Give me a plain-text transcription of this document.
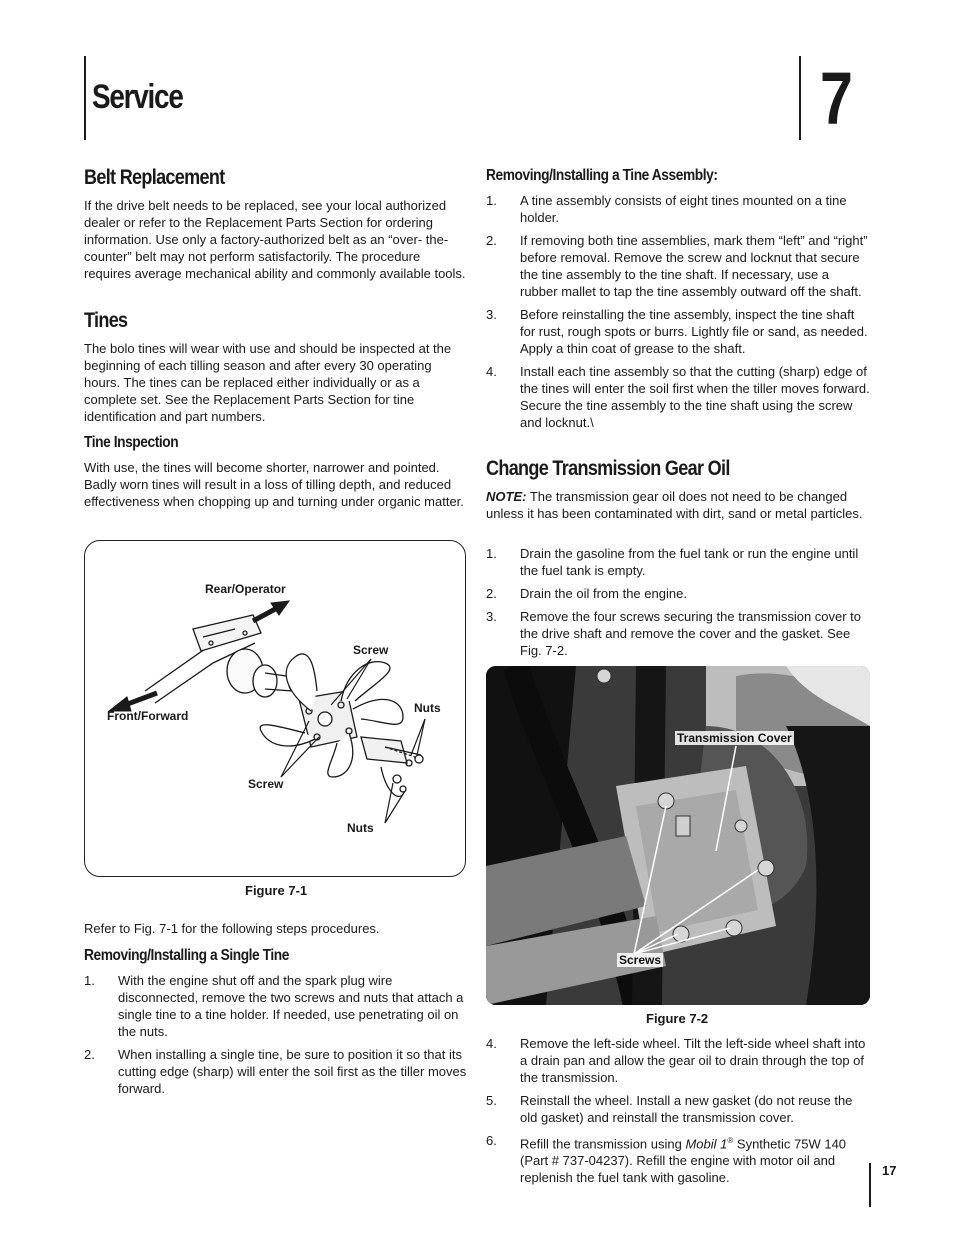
Service	7
Belt Replacement

If the drive belt needs to be replaced, see your local authorized dealer or refer to the Replacement Parts Section for ordering information. Use only a factory-authorized belt as an “over- the-counter” belt may not perform satisfactorily. The procedure requires average mechanical ability and commonly available tools.

Tines

The bolo tines will wear with use and should be inspected at the beginning of each tilling season and after every 30 operating hours. The tines can be replaced either individually or as a complete set. See the Replacement Parts Section for tine identification and part numbers.

Tine Inspection

With use, the tines will become shorter, narrower and pointed. Badly worn tines will result in a loss of tilling depth, and reduced effectiveness when chopping up and turning under organic matter.

Rear/Operator
Front/Forward
Screw
Nuts
Screw
Nuts
Figure 7-1

Refer to Fig. 7-1 for the following steps procedures.

Removing/Installing a Single Tine
1. With the engine shut off and the spark plug wire disconnected, remove the two screws and nuts that attach a single tine to a tine holder. If needed, use penetrating oil on the nuts.
2. When installing a single tine, be sure to position it so that its cutting edge (sharp) will enter the soil first as the tiller moves forward.
Removing/Installing a Tine Assembly:
1. A tine assembly consists of eight tines mounted on a tine holder.
2. If removing both tine assemblies, mark them “left” and “right” before removal. Remove the screw and locknut that secure the tine assembly to the tine shaft. If necessary, use a rubber mallet to tap the tine assembly outward off the shaft.
3. Before reinstalling the tine assembly, inspect the tine shaft for rust, rough spots or burrs. Lightly file or sand, as needed. Apply a thin coat of grease to the shaft.
4. Install each tine assembly so that the cutting (sharp) edge of the tines will enter the soil first when the tiller moves forward. Secure the tine assembly to the tine shaft using the screw and locknut.\
Change Transmission Gear Oil

NOTE: The transmission gear oil does not need to be changed unless it has been contaminated with dirt, sand or metal particles.

1. Drain the gasoline from the fuel tank or run the engine until the fuel tank is empty.
2. Drain the oil from the engine.
3. Remove the four screws securing the transmission cover to the drive shaft and remove the cover and the gasket. See Fig. 7-2.
Transmission Cover
Screws
Figure 7-2
4. Remove the left-side wheel. Tilt the left-side wheel shaft into a drain pan and allow the gear oil to drain through the top of the transmission.
5. Reinstall the wheel. Install a new gasket (do not reuse the old gasket) and reinstall the transmission cover.
6. Refill the transmission using Mobil 1® Synthetic 75W 140 (Part # 737-04237). Refill the engine with motor oil and replenish the fuel tank with gasoline.	17
